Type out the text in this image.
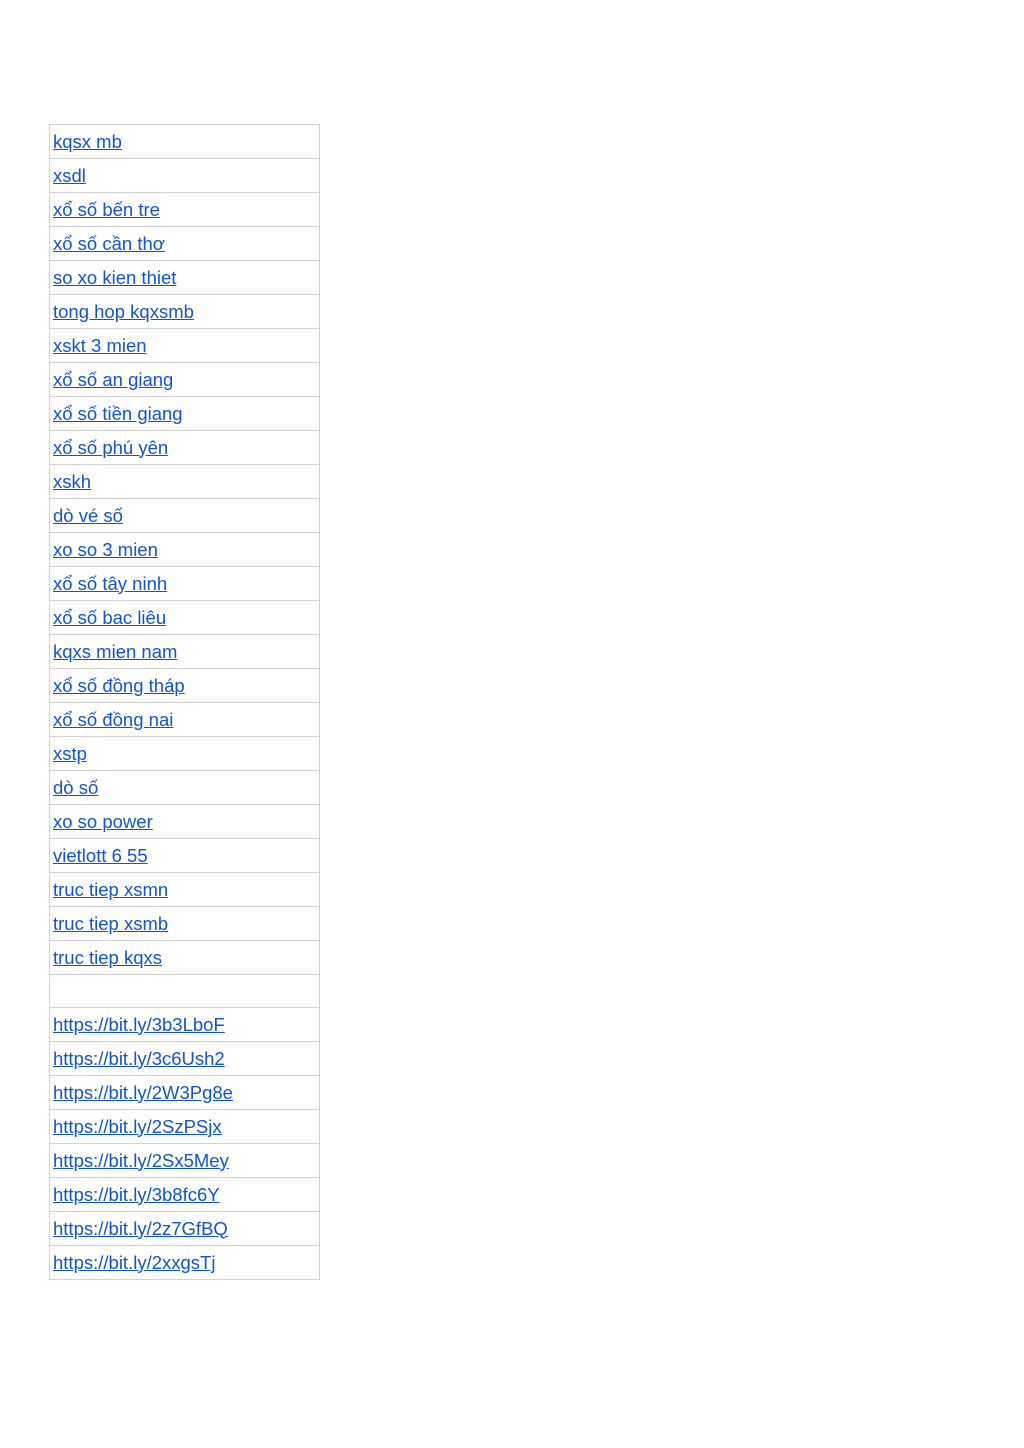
kqsx mb
xsdl
xổ số bến tre
xổ số cần thơ
so xo kien thiet
tong hop kqxsmb
xskt 3 mien
xổ số an giang
xổ số tiền giang
xổ số phú yên
xskh
dò vé số
xo so 3 mien
xổ số tây ninh
xổ số bac liêu
kqxs mien nam
xổ số đồng tháp
xổ số đồng nai
xstp
dò số
xo so power
vietlott 6 55
truc tiep xsmn
truc tiep xsmb
truc tiep kqxs

https://bit.ly/3b3LboF
https://bit.ly/3c6Ush2
https://bit.ly/2W3Pg8e
https://bit.ly/2SzPSjx
https://bit.ly/2Sx5Mey
https://bit.ly/3b8fc6Y
https://bit.ly/2z7GfBQ
https://bit.ly/2xxgsTj
